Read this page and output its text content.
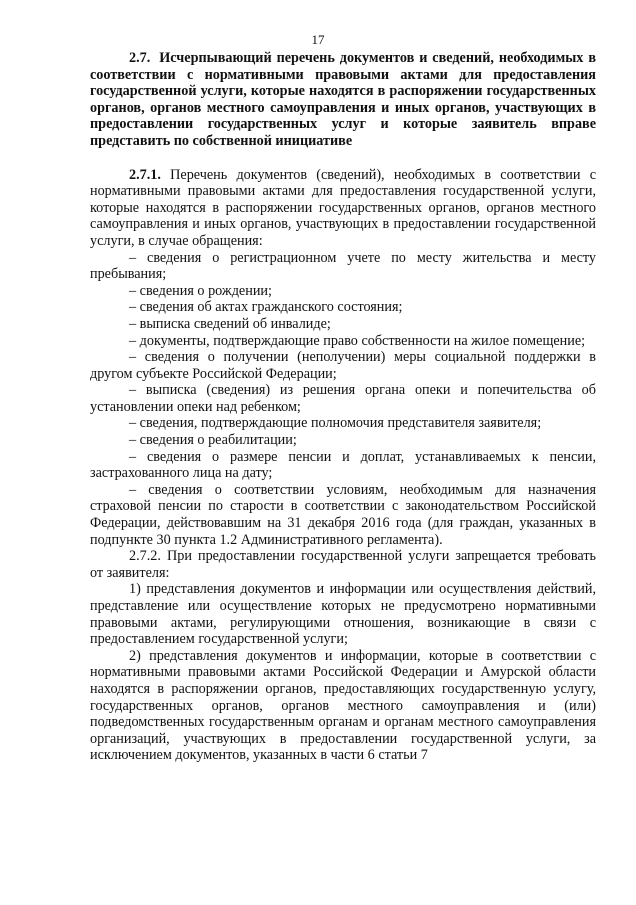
17

2.7. Исчерпывающий перечень документов и сведений, необходимых в соответствии с нормативными правовыми актами для предоставления государственной услуги, которые находятся в распоряжении государственных органов, органов местного самоуправления и иных органов, участвующих в предоставлении государственных услуг и которые заявитель вправе представить по собственной инициативе

2.7.1. Перечень документов (сведений), необходимых в соответствии с нормативными правовыми актами для предоставления государственной услуги, которые находятся в распоряжении государственных органов, органов местного самоуправления и иных органов, участвующих в предоставлении государственной услуги, в случае обращения:

– сведения о регистрационном учете по месту жительства и месту пребывания;

– сведения о рождении;

– сведения об актах гражданского состояния;

– выписка сведений об инвалиде;

– документы, подтверждающие право собственности на жилое помещение;

– сведения о получении (неполучении) меры социальной поддержки в другом субъекте Российской Федерации;

– выписка (сведения) из решения органа опеки и попечительства об установлении опеки над ребенком;

– сведения, подтверждающие полномочия представителя заявителя;

– сведения о реабилитации;

– сведения о размере пенсии и доплат, устанавливаемых к пенсии, застрахованного лица на дату;

– сведения о соответствии условиям, необходимым для назначения страховой пенсии по старости в соответствии с законодательством Российской Федерации, действовавшим на 31 декабря 2016 года (для граждан, указанных в подпункте 30 пункта 1.2 Административного регламента).

2.7.2. При предоставлении государственной услуги запрещается требовать от заявителя:

1) представления документов и информации или осуществления действий, представление или осуществление которых не предусмотрено нормативными правовыми актами, регулирующими отношения, возникающие в связи с предоставлением государственной услуги;

2) представления документов и информации, которые в соответствии с нормативными правовыми актами Российской Федерации и Амурской области находятся в распоряжении органов, предоставляющих государственную услугу, государственных органов, органов местного самоуправления и (или) подведомственных государственным органам и органам местного самоуправления организаций, участвующих в предоставлении государственной услуги, за исключением документов, указанных в части 6 статьи 7
